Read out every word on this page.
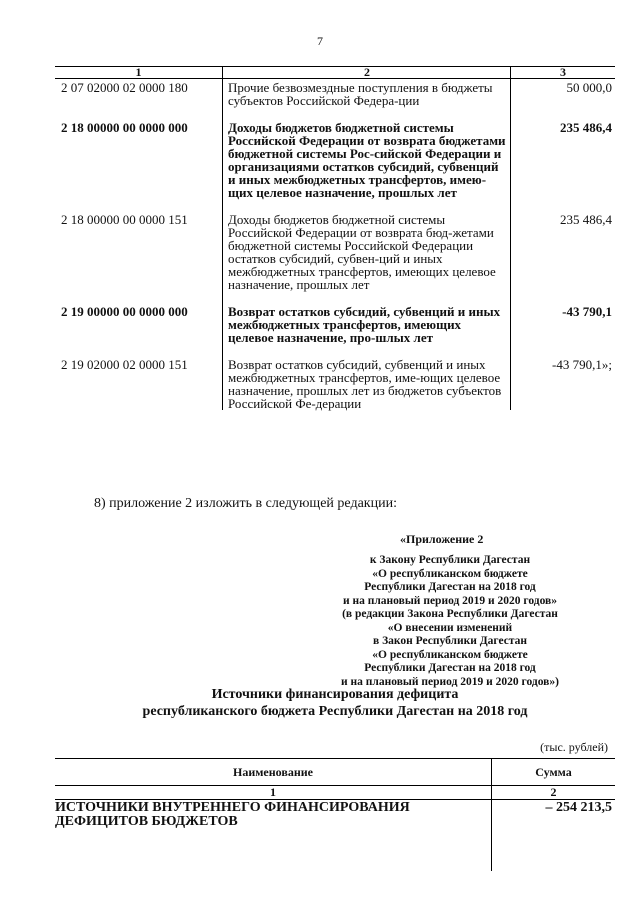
7
1	2	3
2 07 02000 02 0000 180	Прочие безвозмездные поступления в бюджеты субъектов Российской Федера-ции	50 000,0
2 18 00000 00 0000 000	Доходы бюджетов бюджетной системы Российской Федерации от возврата бюджетами бюджетной системы Рос-сийской Федерации и организациями остатков субсидий, субвенций и иных межбюджетных трансфертов, имею-щих целевое назначение, прошлых лет	235 486,4
2 18 00000 00 0000 151	Доходы бюджетов бюджетной системы Российской Федерации от возврата бюд-жетами бюджетной системы Российской Федерации остатков субсидий, субвен-ций и иных межбюджетных трансфертов, имеющих целевое назначение, прошлых лет	235 486,4
2 19 00000 00 0000 000	Возврат остатков субсидий, субвенций и иных межбюджетных трансфертов, имеющих целевое назначение, про-шлых лет	-43 790,1
2 19 02000 02 0000 151	Возврат остатков субсидий, субвенций и иных межбюджетных трансфертов, име-ющих целевое назначение, прошлых лет из бюджетов субъектов Российской Фе-дерации	-43 790,1»;
8) приложение 2 изложить в следующей редакции:
«Приложение 2
к Закону Республики Дагестан
«О республиканском бюджете
Республики Дагестан на 2018 год
и на плановый период 2019 и 2020 годов»
(в редакции Закона Республики Дагестан
«О внесении изменений
в Закон Республики Дагестан
«О республиканском бюджете
Республики Дагестан на 2018 год
и на плановый период 2019 и 2020 годов»)
Источники финансирования дефицита
республиканского бюджета Республики Дагестан на 2018 год
(тыс. рублей)
Наименование	Сумма
1	2
ИСТОЧНИКИ ВНУТРЕННЕГО ФИНАНСИРОВАНИЯ ДЕФИЦИТОВ БЮДЖЕТОВ	– 254 213,5
